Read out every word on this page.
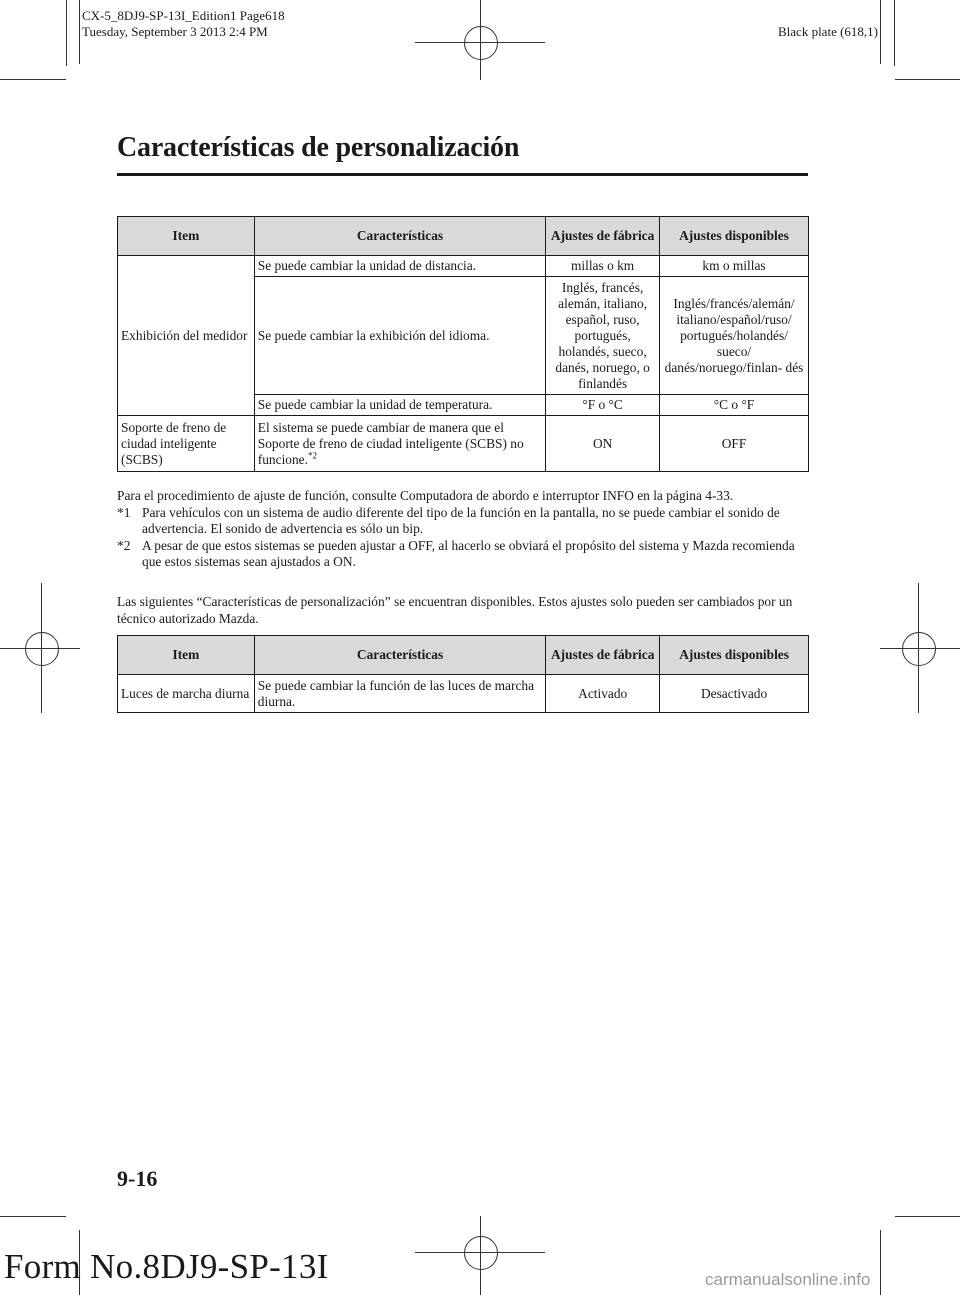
CX-5_8DJ9-SP-13I_Edition1 Page618
Tuesday, September 3 2013 2:4 PM	Black plate (618,1)
Características de personalización
Item	Características	Ajustes de fábrica	Ajustes disponibles
Exhibición del medidor	Se puede cambiar la unidad de distancia.	millas o km	km o millas
	Se puede cambiar la exhibición del idioma.	Inglés, francés, alemán, italiano, español, ruso, portugués, holandés, sueco, danés, noruego, o finlandés	Inglés/francés/alemán/ italiano/español/ruso/ portugués/holandés/ sueco/ danés/noruego/finlan- dés
	Se puede cambiar la unidad de temperatura.	°F o °C	°C o °F
Soporte de freno de ciudad inteligente (SCBS)	El sistema se puede cambiar de manera que el Soporte de freno de ciudad inteligente (SCBS) no funcione.$^{*2}$	ON	OFF
Para el procedimiento de ajuste de función, consulte Computadora de abordo e interruptor INFO en la página 4-33.
*1 Para vehículos con un sistema de audio diferente del tipo de la función en la pantalla, no se puede cambiar el sonido de advertencia. El sonido de advertencia es sólo un bip.
*2 A pesar de que estos sistemas se pueden ajustar a OFF, al hacerlo se obviará el propósito del sistema y Mazda recomienda que estos sistemas sean ajustados a ON.
Las siguientes “Características de personalización” se encuentran disponibles. Estos ajustes solo pueden ser cambiados por un técnico autorizado Mazda.
Item	Características	Ajustes de fábrica	Ajustes disponibles
Luces de marcha diurna	Se puede cambiar la función de las luces de marcha diurna.	Activado	Desactivado
9-16
Form No.8DJ9-SP-13I	carmanualsonline.info
